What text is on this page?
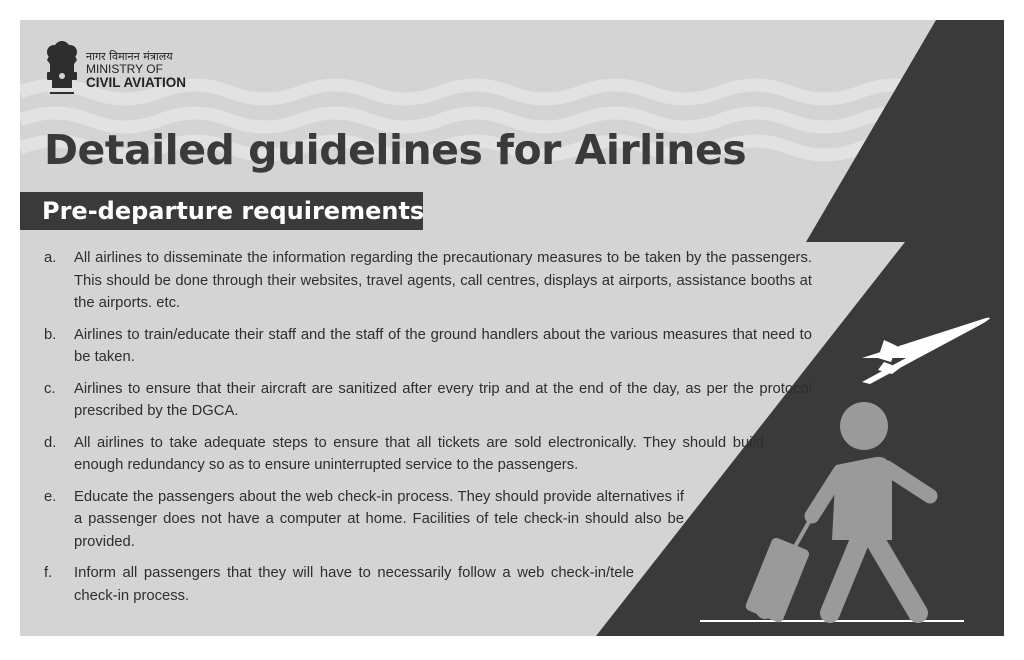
नागर विमानन मंत्रालय
MINISTRY OF
CIVIL AVIATION
Detailed guidelines for Airlines
Pre-departure requirements
a.	All airlines to disseminate the information regarding the precautionary measures to be taken by the passengers. This should be done through their websites, travel agents, call centres, displays at airports, assistance booths at the airports. etc.
b.	Airlines to train/educate their staff and the staff of the ground handlers about the various measures that need to be taken.
c.	Airlines to ensure that their aircraft are sanitized after every trip and at the end of the day, as per the protocol prescribed by the DGCA.
d.	All airlines to take adequate steps to ensure that all tickets are sold electronically. They should build enough redundancy so as to ensure uninterrupted service to the passengers.
e.	Educate the passengers about the web check-in process. They should provide alternatives if a passenger does not have a computer at home. Facilities of tele check-in should also be provided.
f.	Inform all passengers that they will have to necessarily follow a web check-in/tele check-in process.
